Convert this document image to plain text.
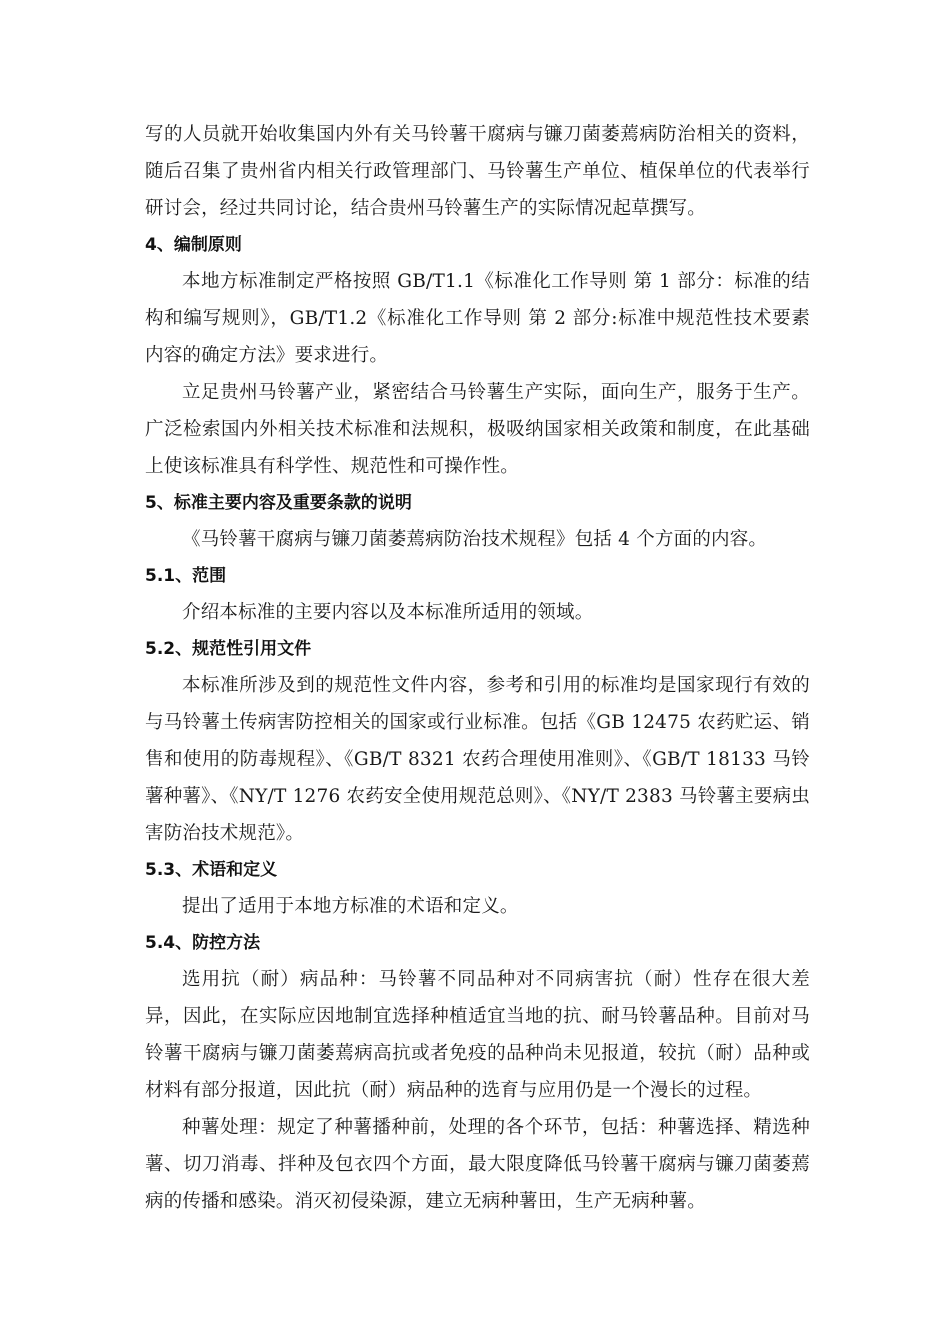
写的人员就开始收集国内外有关马铃薯干腐病与镰刀菌萎蔫病防治相关的资料，随后召集了贵州省内相关行政管理部门、马铃薯生产单位、植保单位的代表举行研讨会，经过共同讨论，结合贵州马铃薯生产的实际情况起草撰写。

4、编制原则

本地方标准制定严格按照 GB/T1.1《标准化工作导则 第 1 部分：标准的结构和编写规则》，GB/T1.2《标准化工作导则 第 2 部分:标准中规范性技术要素内容的确定方法》要求进行。

立足贵州马铃薯产业，紧密结合马铃薯生产实际，面向生产，服务于生产。广泛检索国内外相关技术标准和法规积，极吸纳国家相关政策和制度，在此基础上使该标准具有科学性、规范性和可操作性。

5、标准主要内容及重要条款的说明

《马铃薯干腐病与镰刀菌萎蔫病防治技术规程》包括 4 个方面的内容。

5.1、范围

介绍本标准的主要内容以及本标准所适用的领域。

5.2、规范性引用文件

本标准所涉及到的规范性文件内容，参考和引用的标准均是国家现行有效的与马铃薯土传病害防控相关的国家或行业标准。包括《GB 12475 农药贮运、销售和使用的防毒规程》、《GB/T 8321 农药合理使用准则》、《GB/T 18133 马铃薯种薯》、《NY/T 1276 农药安全使用规范总则》、《NY/T 2383 马铃薯主要病虫害防治技术规范》。

5.3、术语和定义

提出了适用于本地方标准的术语和定义。

5.4、防控方法

选用抗（耐）病品种：马铃薯不同品种对不同病害抗（耐）性存在很大差异，因此，在实际应因地制宜选择种植适宜当地的抗、耐马铃薯品种。目前对马铃薯干腐病与镰刀菌萎蔫病高抗或者免疫的品种尚未见报道，较抗（耐）品种或材料有部分报道，因此抗（耐）病品种的选育与应用仍是一个漫长的过程。

种薯处理：规定了种薯播种前，处理的各个环节，包括：种薯选择、精选种薯、切刀消毒、拌种及包衣四个方面，最大限度降低马铃薯干腐病与镰刀菌萎蔫病的传播和感染。消灭初侵染源，建立无病种薯田，生产无病种薯。
